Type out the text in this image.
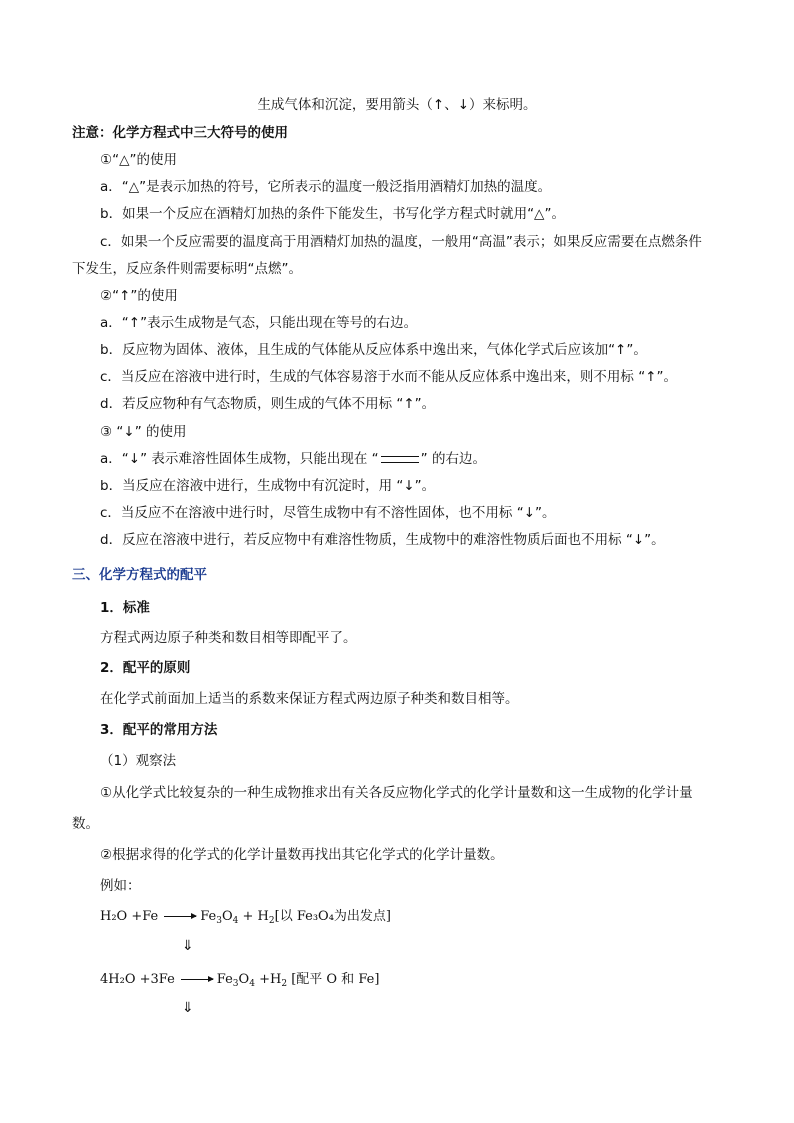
生成气体和沉淀，要用箭头（↑、↓）来标明。
注意：化学方程式中三大符号的使用
①“△”的使用
a．“△”是表示加热的符号，它所表示的温度一般泛指用酒精灯加热的温度。
b．如果一个反应在酒精灯加热的条件下能发生，书写化学方程式时就用“△”。
c．如果一个反应需要的温度高于用酒精灯加热的温度，一般用“高温”表示；如果反应需要在点燃条件
下发生，反应条件则需要标明“点燃”。
②“↑”的使用
a．“↑”表示生成物是气态，只能出现在等号的右边。
b．反应物为固体、液体，且生成的气体能从反应体系中逸出来，气体化学式后应该加“↑”。
c．当反应在溶液中进行时，生成的气体容易溶于水而不能从反应体系中逸出来，则不用标 “↑”。
d．若反应物种有气态物质，则生成的气体不用标 “↑”。
③ “↓” 的使用
a．“↓” 表示难溶性固体生成物，只能出现在 “	” 的右边。
b．当反应在溶液中进行，生成物中有沉淀时，用 “↓”。
c．当反应不在溶液中进行时，尽管生成物中有不溶性固体，也不用标 “↓”。
d．反应在溶液中进行，若反应物中有难溶性物质，生成物中的难溶性物质后面也不用标 “↓”。
三、化学方程式的配平
1．标准
方程式两边原子种类和数目相等即配平了。
2．配平的原则
在化学式前面加上适当的系数来保证方程式两边原子种类和数目相等。
3．配平的常用方法
（1）观察法
①从化学式比较复杂的一种生成物推求出有关各反应物化学式的化学计量数和这一生成物的化学计量
数。
②根据求得的化学式的化学计量数再找出其它化学式的化学计量数。
例如：
$H_2O +Fe \to Fe_3O_4 + H_2$[以 Fe₃O₄为出发点]
⇓
$4H_2O +3Fe \to Fe_3O_4 +H_2$ [配平 O 和 Fe]
⇓
